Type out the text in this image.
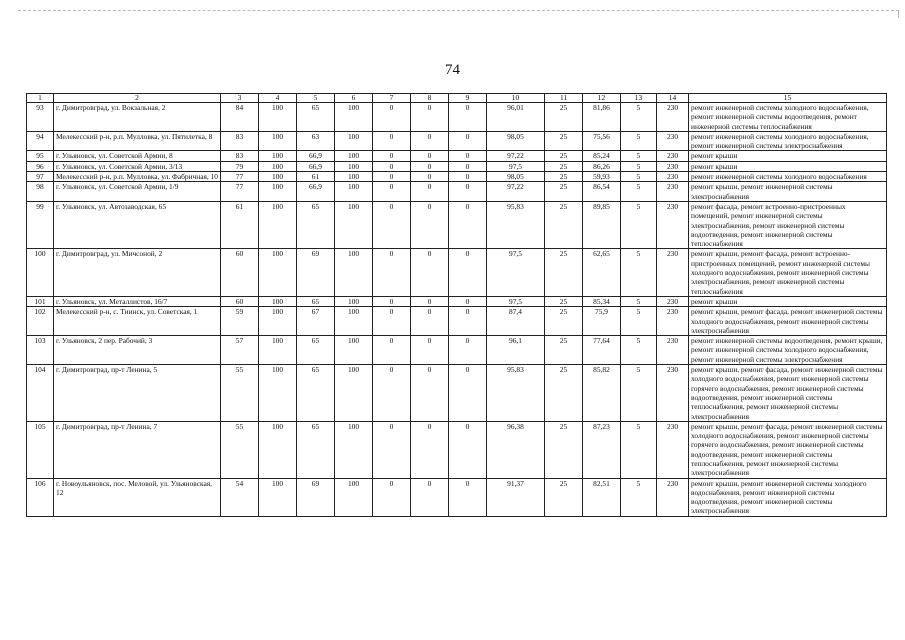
74
1	2	3	4	5	6	7	8	9	10	11	12	13	14	15
93	г. Димитровград, ул. Вокзальная, 2	84	100	65	100	0	0	0	96,01	25	81,86	5	230	ремонт инженерной системы холодного водоснабжения, ремонт инженерной системы водоотведения, ремонт инженерной системы теплоснабжения
94	Мелекесский р-н, р.п. Мулловка, ул. Пятилетка, 8	83	100	63	100	0	0	0	98,05	25	75,56	5	230	ремонт инженерной системы холодного водоснабжения, ремонт инженерной системы электроснабжения
95	г. Ульяновск, ул. Советской Армии, 8	83	100	66,9	100	0	0	0	97,22	25	85,24	5	230	ремонт крыши
96	г. Ульяновск, ул. Советской Армии, 3/13	79	100	66,9	100	0	0	0	97,5	25	86,26	5	230	ремонт крыши
97	Мелекесский р-н, р.п. Мулловка, ул. Фабричная, 10	77	100	61	100	0	0	0	98,05	25	59,93	5	230	ремонт инженерной системы холодного водоснабжения
98	г. Ульяновск, ул. Советской Армии, 1/9	77	100	66,9	100	0	0	0	97,22	25	86,54	5	230	ремонт крыши, ремонт инженерной системы электроснабжения
99	г. Ульяновск, ул. Автозаводская, 65	61	100	65	100	0	0	0	95,83	25	89,85	5	230	ремонт фасада, ремонт встроенно-пристроенных помещений, ремонт инженерной системы электроснабжения, ремонт инженерной системы водоотведения, ремонт инженерной системы теплоснабжения
100	г. Димитровград, ул. Мичсоной, 2	60	100	69	100	0	0	0	97,5	25	62,65	5	230	ремонт крыши, ремонт фасада, ремонт встроенно-пристроенных помещений, ремонт инженерной системы холодного водоснабжения, ремонт инженерной системы электроснабжения, ремонт инженерной системы теплоснабжения
101	г. Ульяновск, ул. Металлистов, 16/7	60	100	65	100	0	0	0	97,5	25	85,34	5	230	ремонт крыши
102	Мелекесский р-н, с. Тиинск, ул. Советская, 1	59	100	67	100	0	0	0	87,4	25	75,9	5	230	ремонт крыши, ремонт фасада, ремонт инженерной системы холодного водоснабжения, ремонт инженерной системы электроснабжения
103	г. Ульяновск, 2 пер. Рабочий, 3	57	100	65	100	0	0	0	96,1	25	77,64	5	230	ремонт инженерной системы водоотведения, ремонт крыши, ремонт инженерной системы холодного водоснабжения, ремонт инженерной системы электроснабжения
104	г. Димитровград, пр-т Ленина, 5	55	100	65	100	0	0	0	95,83	25	85,82	5	230	ремонт крыши, ремонт фасада, ремонт инженерной системы холодного водоснабжения, ремонт инженерной системы горячего водоснабжения, ремонт инженерной системы водоотведения, ремонт инженерной системы теплоснабжения, ремонт инженерной системы электроснабжения
105	г. Димитровград, пр-т Ленина, 7	55	100	65	100	0	0	0	96,38	25	87,23	5	230	ремонт крыши, ремонт фасада, ремонт инженерной системы холодного водоснабжения, ремонт инженерной системы горячего водоснабжения, ремонт инженерной системы водоотведения, ремонт инженерной системы теплоснабжения, ремонт инженерной системы электроснабжения
106	г. Новоульяновск, пос. Меловой, ул. Ульяновская, 12	54	100	69	100	0	0	0	91,37	25	82,51	5	230	ремонт крыши, ремонт инженерной системы холодного водоснабжения, ремонт инженерной системы водоотведения, ремонт инженерной системы электроснабжения
